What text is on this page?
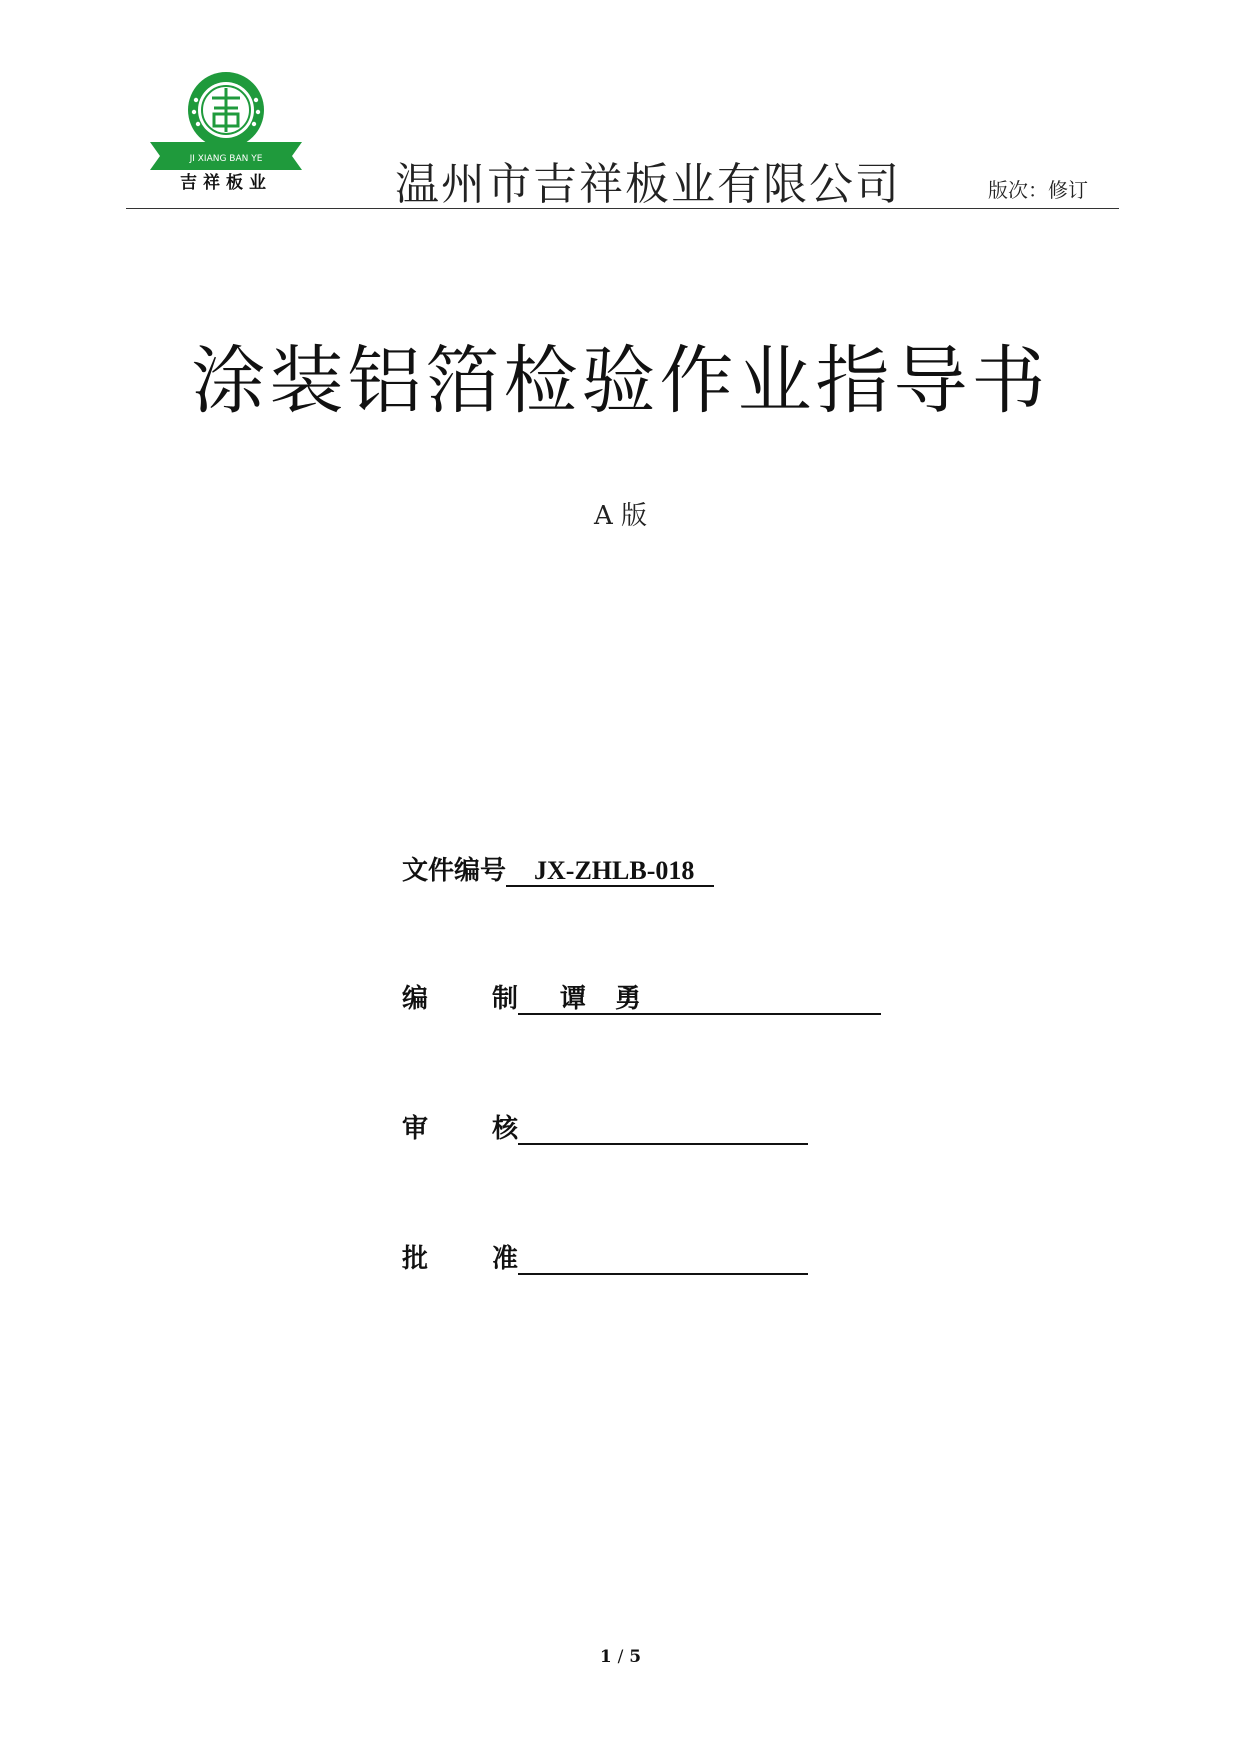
JI XIANG BAN YE
吉祥板业	温州市吉祥板业有限公司	版次：修订
涂装铝箔检验作业指导书
A 版
文件编号 JX-ZHLB-018
编 制 谭 勇
审 核
批 准
1 / 5
